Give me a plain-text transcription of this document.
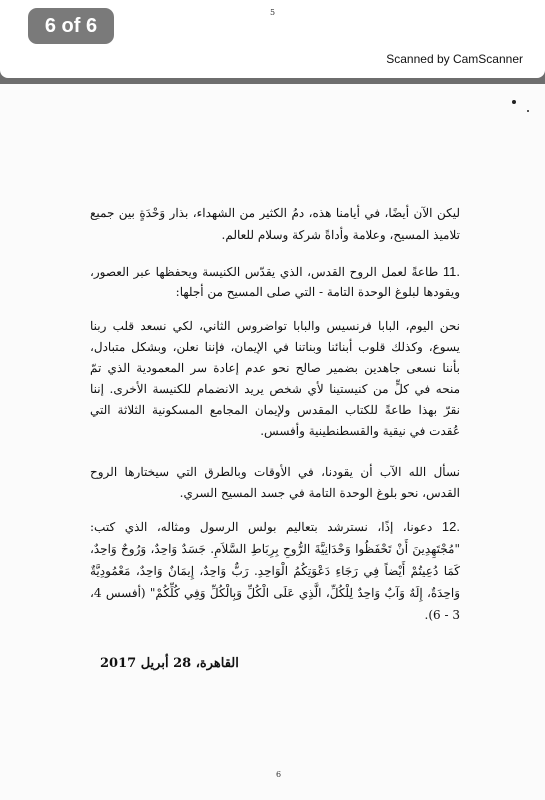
6 of 6
5
Scanned by CamScanner

ليكن الآن أيضًا، في أيامنا هذه، دمُ الكثير من الشهداء، بذار وَحْدَةٍ بين جميع تلاميذ المسيح، وعلامة وأداةً شركة وسلام للعالم.

11. طاعةً لعمل الروح القدس، الذي يقدّس الكنيسة ويحفظها عبر العصور، ويقودها لبلوغ الوحدة التامة - التي صلى المسيح من أجلها:

نحن اليوم، البابا فرنسيس والبابا تواضروس الثاني، لكي نسعد قلب ربنا يسوع، وكذلك قلوب أبنائنا وبناتنا في الإيمان، فإننا نعلن، وبشكل متبادل، بأننا نسعى جاهدين بضمير صالح نحو عدم إعادة سر المعمودية الذي تمّ منحه في كلٍّ من كنيستينا لأي شخص يريد الانضمام للكنيسة الأخرى. إننا نقرّ بهذا طاعةً للكتاب المقدس ولإيمان المجامع المسكونية الثلاثة التي عُقدت في نيقية والقسطنطينية وأفسس.

نسأل الله الآب أن يقودنا، في الأوقات وبالطرق التي سيختارها الروح القدس، نحو بلوغ الوحدة التامة في جسد المسيح السري.

12. دعونا، إذًا، نسترشد بتعاليم بولس الرسول ومثاله، الذي كتب: "مُجْتَهِدِينَ أَنْ تَحْفَظُوا وَحْدَانِيَّةَ الرُّوحِ بِرِبَاطِ السَّلاَمِ. جَسَدٌ وَاحِدٌ، وَرُوحٌ وَاحِدٌ، كَمَا دُعِيتُمْ أَيْضاً فِي رَجَاءِ دَعْوَتِكُمُ الْوَاحِدِ. رَبٌّ وَاحِدٌ، إِيمَانٌ وَاحِدٌ، مَعْمُودِيَّةٌ وَاحِدَةٌ، إِلَهٌ وَآبٌ وَاحِدٌ لِلْكُلِّ، الَّذِي عَلَى الْكُلِّ وَبِالْكُلِّ وَفِي كُلِّكُمْ" (أفسس 4، 3 - 6).

القاهرة، 28 أبريل 2017
6
